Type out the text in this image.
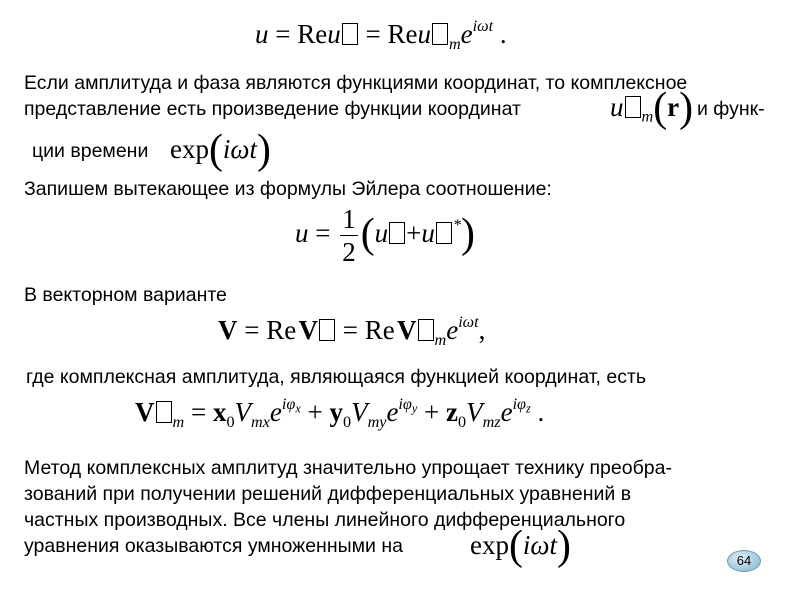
u = Reu = Reu $_me^{i\omega t}$ .

Если амплитуда и фаза являются функциями координат, то комплексное

представление есть произведение функции координат	u $_m$(r) и функ-

ции времени exp(iωt)

Запишем вытекающее из формулы Эйлера соотношение:

$u = \frac{1}{2} (u +u$ *)

В векторном варианте

V = Re V = Re V $_me^{i\omega t}$,

где комплексная амплитуда, являющаяся функцией координат, есть

V $_m = x_0V_{mx}e^{i\varphi_x} + y_0V_{my}e^{i\varphi_y} + z_0V_{mz}e^{i\varphi_z}$ .

Метод комплексных амплитуд значительно упрощает технику преобра-

зований при получении решений дифференциальных уравнений в

частных производных. Все члены линейного дифференциального

уравнения оказываются умноженными на exp(iωt)	64
